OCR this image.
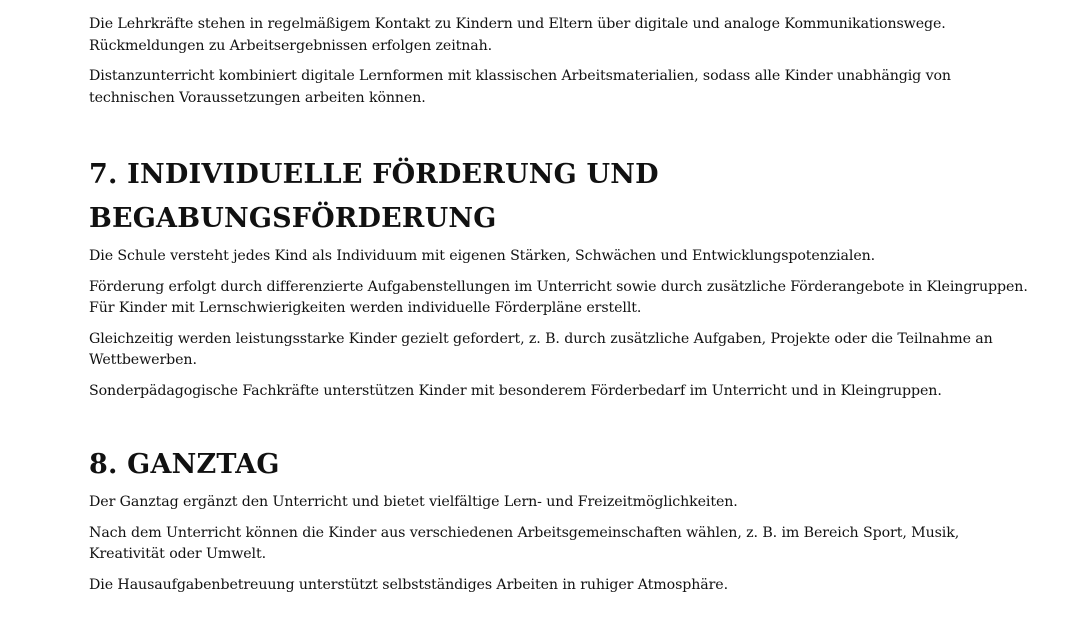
Die Lehrkräfte stehen in regelmäßigem Kontakt zu Kindern und Eltern über digitale und analoge Kommunikationswege. Rückmeldungen zu Arbeitsergebnissen erfolgen zeitnah.

Distanzunterricht kombiniert digitale Lernformen mit klassischen Arbeitsmaterialien, sodass alle Kinder unabhängig von technischen Voraussetzungen arbeiten können.

7. INDIVIDUELLE FÖRDERUNG UND BEGABUNGSFÖRDERUNG

Die Schule versteht jedes Kind als Individuum mit eigenen Stärken, Schwächen und Entwicklungspotenzialen.

Förderung erfolgt durch differenzierte Aufgabenstellungen im Unterricht sowie durch zusätzliche Förderangebote in Kleingruppen. Für Kinder mit Lernschwierigkeiten werden individuelle Förderpläne erstellt.

Gleichzeitig werden leistungsstarke Kinder gezielt gefordert, z. B. durch zusätzliche Aufgaben, Projekte oder die Teilnahme an Wettbewerben.

Sonderpädagogische Fachkräfte unterstützen Kinder mit besonderem Förderbedarf im Unterricht und in Kleingruppen.

8. GANZTAG

Der Ganztag ergänzt den Unterricht und bietet vielfältige Lern- und Freizeitmöglichkeiten.

Nach dem Unterricht können die Kinder aus verschiedenen Arbeitsgemeinschaften wählen, z. B. im Bereich Sport, Musik, Kreativität oder Umwelt.

Die Hausaufgabenbetreuung unterstützt selbstständiges Arbeiten in ruhiger Atmosphäre.
